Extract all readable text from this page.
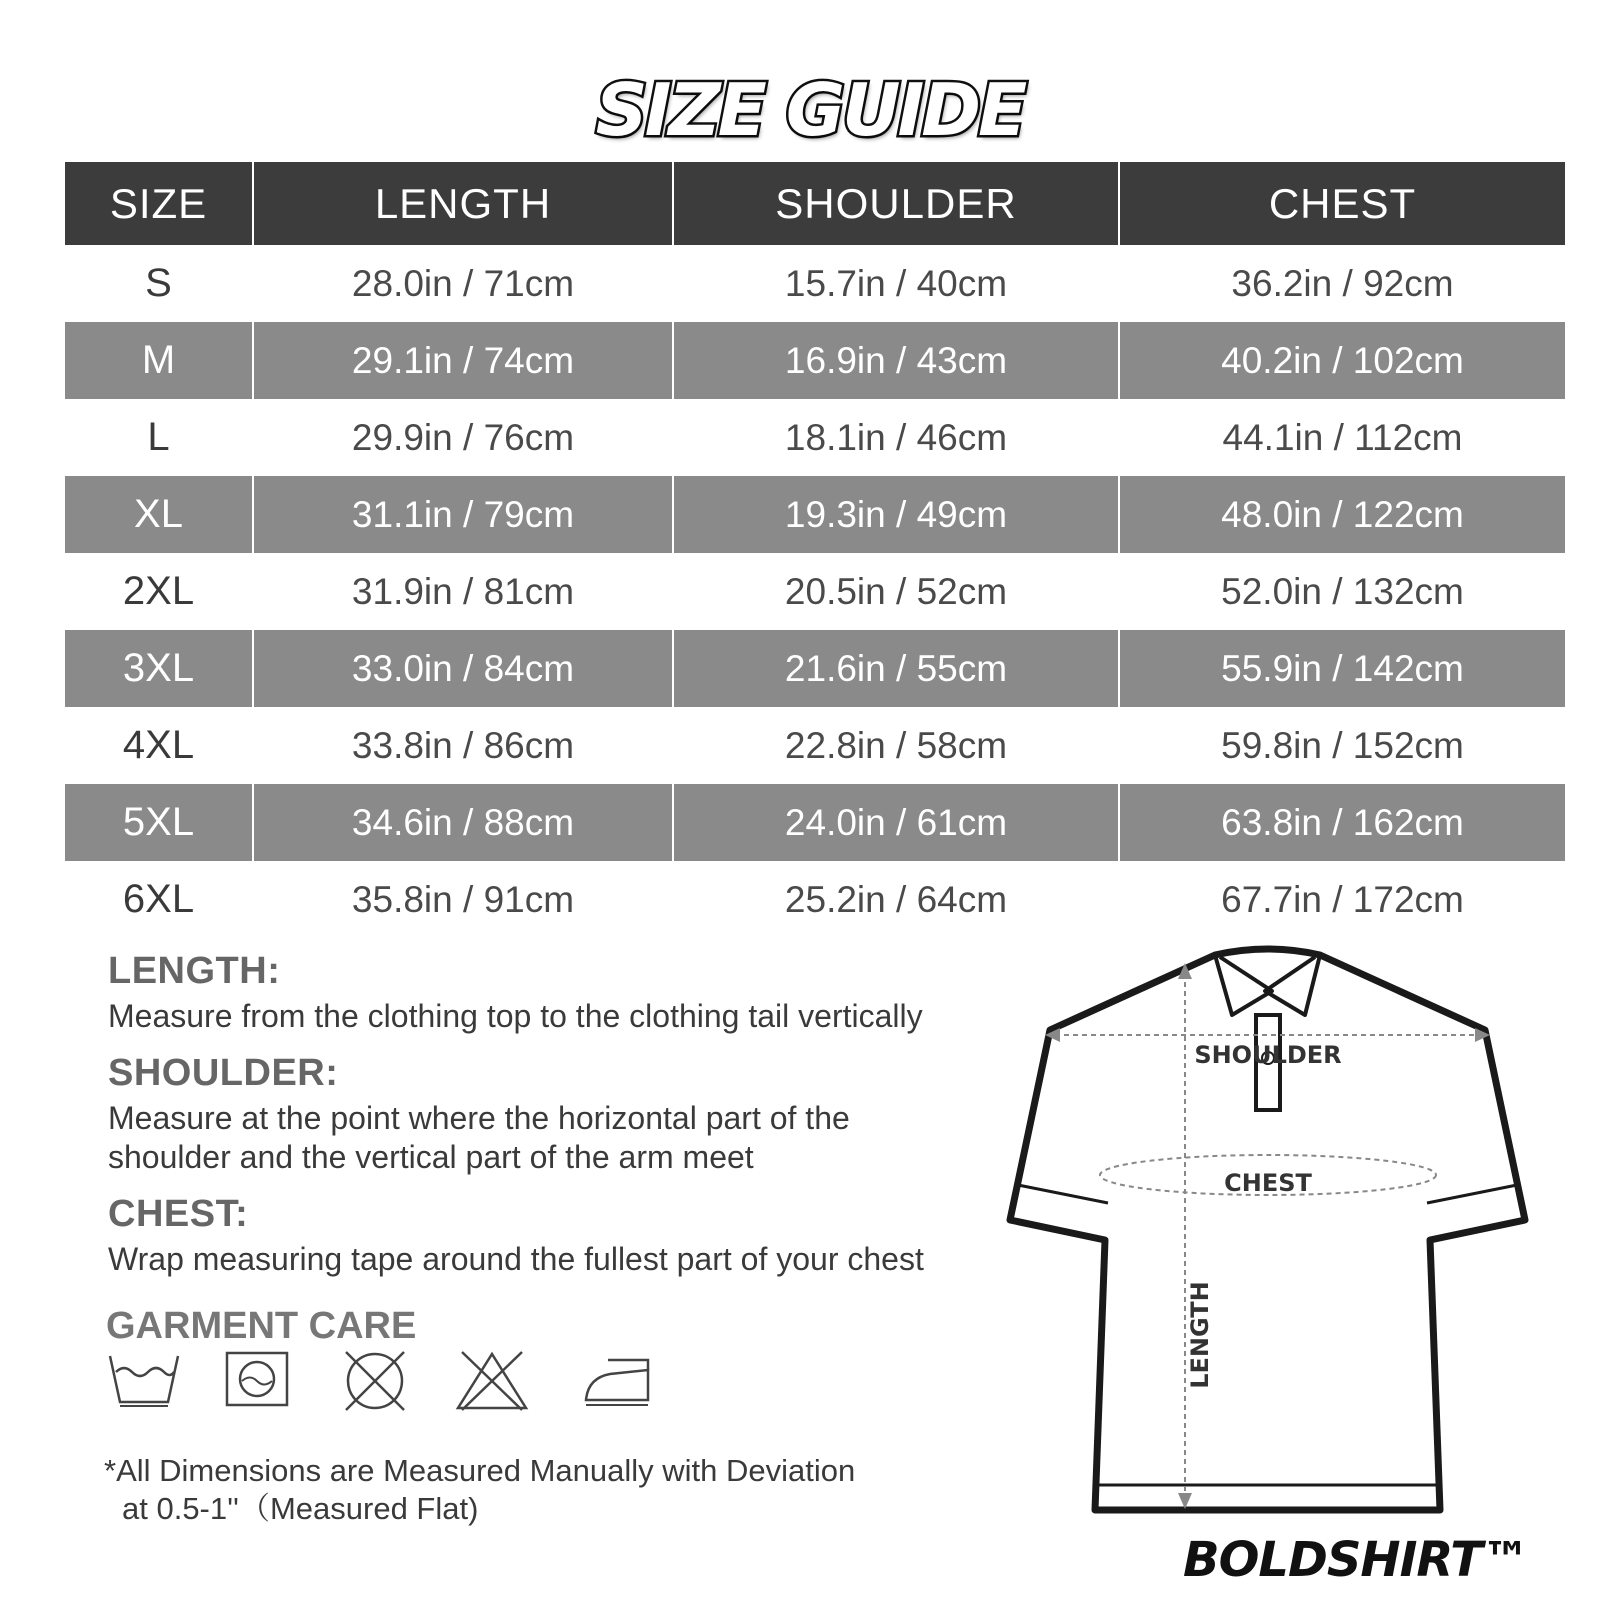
SIZE GUIDE
SIZE	LENGTH	SHOULDER	CHEST
S	28.0in / 71cm	15.7in / 40cm	36.2in / 92cm
M	29.1in / 74cm	16.9in / 43cm	40.2in / 102cm
L	29.9in / 76cm	18.1in / 46cm	44.1in / 112cm
XL	31.1in / 79cm	19.3in / 49cm	48.0in / 122cm
2XL	31.9in / 81cm	20.5in / 52cm	52.0in / 132cm
3XL	33.0in / 84cm	21.6in / 55cm	55.9in / 142cm
4XL	33.8in / 86cm	22.8in / 58cm	59.8in / 152cm
5XL	34.6in / 88cm	24.0in / 61cm	63.8in / 162cm
6XL	35.8in / 91cm	25.2in / 64cm	67.7in / 172cm

LENGTH:

Measure from the clothing top to the clothing tail vertically

SHOULDER:

Measure at the point where the horizontal part of the shoulder and the vertical part of the arm meet

CHEST:

Wrap measuring tape around the fullest part of your chest

GARMENT CARE

*All Dimensions are Measured Manually with Deviation
at 0.5-1''（Measured Flat)

SHOULDER
CHEST
LENGTH
BOLDSHIRT™
